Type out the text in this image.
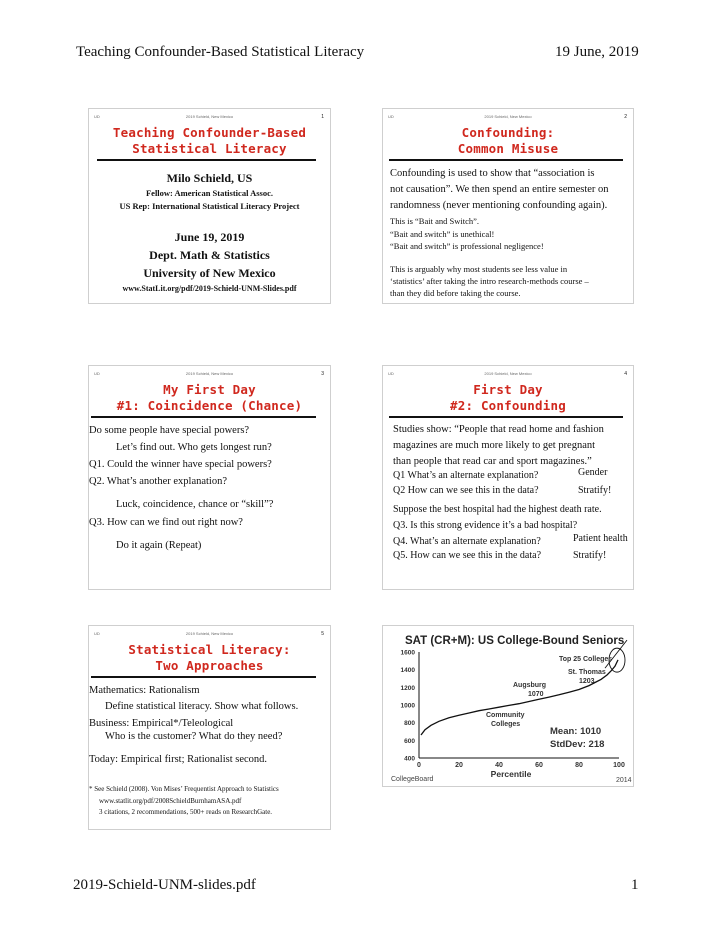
Teaching Confounder-Based Statistical Literacy	19 June, 2019
UD	2019 Schield, New Mexico	1
Teaching Confounder-Based
Statistical Literacy
Milo Schield, US
Fellow: American Statistical Assoc.
US Rep: International Statistical Literacy Project
June 19, 2019
Dept. Math & Statistics
University of New Mexico
www.StatLit.org/pdf/2019-Schield-UNM-Slides.pdf
UD	2019 Schield, New Mexico	2
Confounding:
Common Misuse
Confounding is used to show that “association is
not causation”. We then spend an entire semester on
randomness (never mentioning confounding again).
This is “Bait and Switch”.
“Bait and switch” is unethical!
“Bait and switch” is professional negligence!
This is arguably why most students see less value in
‘statistics’ after taking the intro research-methods course –
than they did before taking the course.
UD	2019 Schield, New Mexico	3
My First Day
#1: Coincidence (Chance)
Do some people have special powers?
Let’s find out. Who gets longest run?
Q1. Could the winner have special powers?
Q2. What’s another explanation?
Luck, coincidence, chance or “skill”?
Q3. How can we find out right now?
Do it again (Repeat)
UD	2019 Schield, New Mexico	4
First Day
#2: Confounding
Studies show: “People that read home and fashion
magazines are much more likely to get pregnant
than people that read car and sport magazines.”
Q1 What’s an alternate explanation?	Gender
Q2 How can we see this in the data?	Stratify!
Suppose the best hospital had the highest death rate.
Q3. Is this strong evidence it’s a bad hospital?
Q4. What’s an alternate explanation?	Patient health
Q5. How can we see this in the data?	Stratify!
UD	2019 Schield, New Mexico	5
Statistical Literacy:
Two Approaches
Mathematics: Rationalism
Define statistical literacy. Show what follows.
Business: Empirical*/Teleological
Who is the customer? What do they need?
Today: Empirical first; Rationalist second.
* See Schield (2008). Von Mises’ Frequentist Approach to Statistics
www.statlit.org/pdf/2008SchieldBurnhamASA.pdf
3 citations, 2 recommendations, 500+ reads on ResearchGate.
SAT (CR+M): US College-Bound Seniors
400
600
800
1000
1200
1400
1600
0	20	40	60	80	100
Top 25 Colleges
St. Thomas
1203
Augsburg
1070
Community
Colleges
Mean: 1010
StdDev: 218
CollegeBoard
Percentile
2014
2019-Schield-UNM-slides.pdf	1
